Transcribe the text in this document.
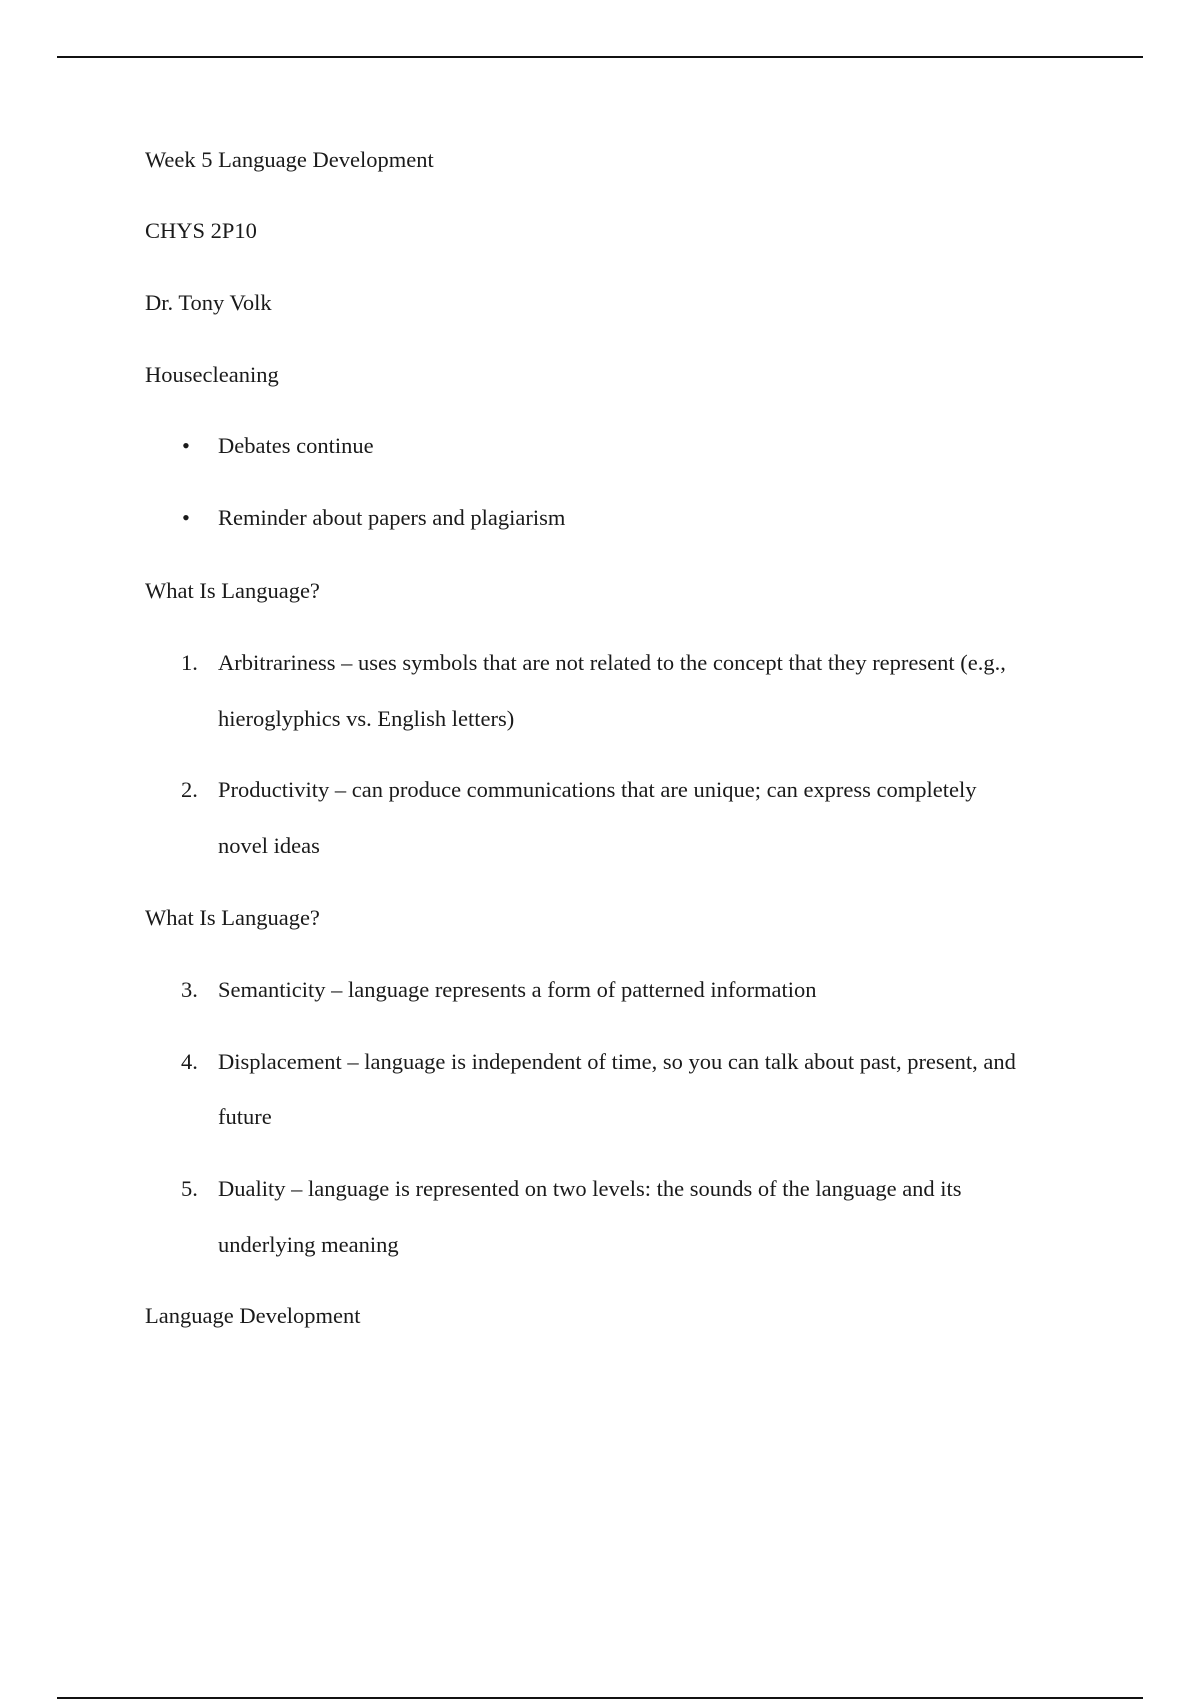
Week 5 Language Development

CHYS 2P10

Dr. Tony Volk

Housecleaning

• Debates continue

• Reminder about papers and plagiarism

What Is Language?

1. Arbitrariness – uses symbols that are not related to the concept that they represent (e.g.,

hieroglyphics vs. English letters)

2. Productivity – can produce communications that are unique; can express completely

novel ideas

What Is Language?

3. Semanticity – language represents a form of patterned information

4. Displacement – language is independent of time, so you can talk about past, present, and

future

5. Duality – language is represented on two levels: the sounds of the language and its

underlying meaning

Language Development
